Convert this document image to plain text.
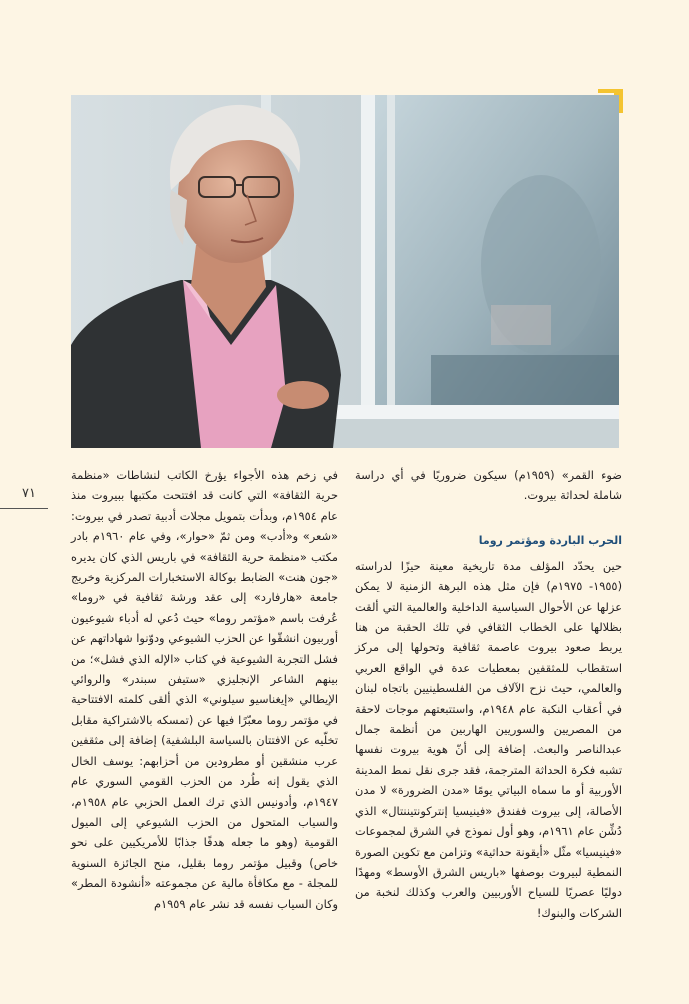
ضوء القمر» (١٩٥٩م) سيكون ضروريًا في أي دراسة شاملة لحداثة بيروت.

الحرب الباردة ومؤتمر روما

حين يحدّد المؤلف مدة تاريخية معينة حيزًا لدراسته (١٩٥٥- ١٩٧٥م) فإن مثل هذه البرهة الزمنية لا يمكن عزلها عن الأحوال السياسية الداخلية والعالمية التي ألقت بظلالها على الخطاب الثقافي في تلك الحقبة من هنا يربط صعود بيروت عاصمة ثقافية وتحولها إلى مركز استقطاب للمثقفين بمعطيات عدة في الواقع العربي والعالمي، حيث نزح الآلاف من الفلسطينيين باتجاه لبنان في أعقاب النكبة عام ١٩٤٨م، واستتبعتهم موجات لاحقة من المصريين والسوريين الهاربين من أنظمة جمال عبدالناصر والبعث. إضافة إلى أنّ هوية بيروت نفسها تشبه فكرة الحداثة المترجمة، فقد جرى نقل نمط المدينة الأوربية أو ما سماه البياتي يومًا «مدن الضرورة» لا مدن الأصالة، إلى بيروت ففندق «فينيسيا إنتركونتيننتال» الذي دُشِّن عام ١٩٦١م، وهو أول نموذج في الشرق لمجموعات «فينيسيا» مثّل «أيقونة حداثية» وتزامن مع تكوين الصورة النمطية لبيروت بوصفها «باريس الشرق الأوسط» ومهدًا دوليًا عصريًا للسياح الأوربيين والعرب وكذلك لنخبة من الشركات والبنوك!

في زخم هذه الأجواء يؤرخ الكاتب لنشاطات «منظمة حرية الثقافة» التي كانت قد افتتحت مكتبها ببيروت منذ عام ١٩٥٤م، وبدأت بتمويل مجلات أدبية تصدر في بيروت: «شعر» و«أدب» ومن ثمّ «حوار»، وفي عام ١٩٦٠م بادر مكتب «منظمة حرية الثقافة» في باريس الذي كان يديره «جون هنت» الضابط بوكالة الاستخبارات المركزية وخريج جامعة «هارفارد» إلى عقد ورشة ثقافية في «روما» عُرفت باسم «مؤتمر روما» حيث دُعي له أدباء شيوعيون أوربيون انشقّوا عن الحزب الشيوعي ودوّنوا شهاداتهم عن فشل التجربة الشيوعية في كتاب «الإله الذي فشل»؛ من بينهم الشاعر الإنجليزي «ستيفن سبندر» والروائي الإيطالي «إيغناسيو سيلوني» الذي ألقى كلمته الافتتاحية في مؤتمر روما معبّرًا فيها عن (تمسكه بالاشتراكية مقابل تخلّيه عن الافتتان بالسياسة البلشفية) إضافة إلى مثقفين عرب منشقين أو مطرودين من أحزابهم: يوسف الخال الذي يقول إنه طُرد من الحزب القومي السوري عام ١٩٤٧م، وأدونيس الذي ترك العمل الحزبي عام ١٩٥٨م، والسياب المتحول من الحزب الشيوعي إلى الميول القومية (وهو ما جعله هدفًا جذابًا للأمريكيين على نحو خاص) وقبيل مؤتمر روما بقليل، منح الجائزة السنوية للمجلة - مع مكافأة مالية عن مجموعته «أنشودة المطر» وكان السياب نفسه قد نشر عام ١٩٥٩م

٧١
